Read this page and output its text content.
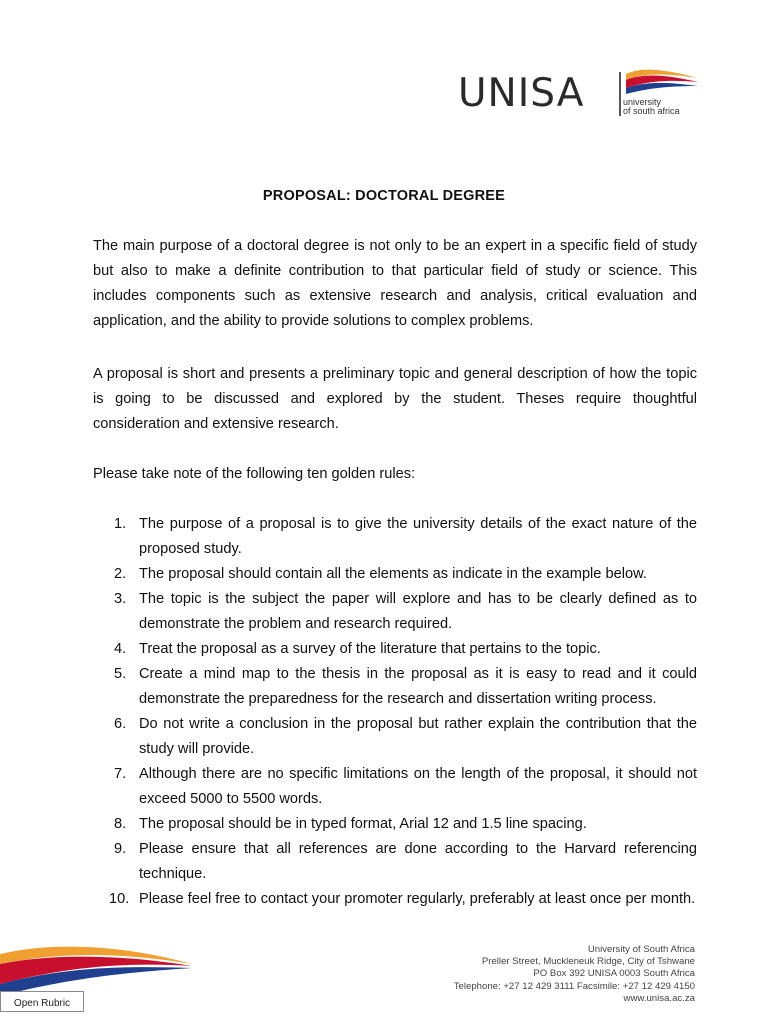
UNISA	university
of south africa
PROPOSAL: DOCTORAL DEGREE

The main purpose of a doctoral degree is not only to be an expert in a specific field of study but also to make a definite contribution to that particular field of study or science. This includes components such as extensive research and analysis, critical evaluation and application, and the ability to provide solutions to complex problems.

A proposal is short and presents a preliminary topic and general description of how the topic is going to be discussed and explored by the student. Theses require thoughtful consideration and extensive research.

Please take note of the following ten golden rules:

1. The purpose of a proposal is to give the university details of the exact nature of the proposed study.
2. The proposal should contain all the elements as indicate in the example below.
3. The topic is the subject the paper will explore and has to be clearly defined as to demonstrate the problem and research required.
4. Treat the proposal as a survey of the literature that pertains to the topic.
5. Create a mind map to the thesis in the proposal as it is easy to read and it could demonstrate the preparedness for the research and dissertation writing process.
6. Do not write a conclusion in the proposal but rather explain the contribution that the study will provide.
7. Although there are no specific limitations on the length of the proposal, it should not exceed 5000 to 5500 words.
8. The proposal should be in typed format, Arial 12 and 1.5 line spacing.
9. Please ensure that all references are done according to the Harvard referencing technique.
10. Please feel free to contact your promoter regularly, preferably at least once per month.
Open Rubric
University of South Africa
Preller Street, Muckleneuk Ridge, City of Tshwane
PO Box 392 UNISA 0003 South Africa
Telephone: +27 12 429 3111 Facsimile: +27 12 429 4150
www.unisa.ac.za
